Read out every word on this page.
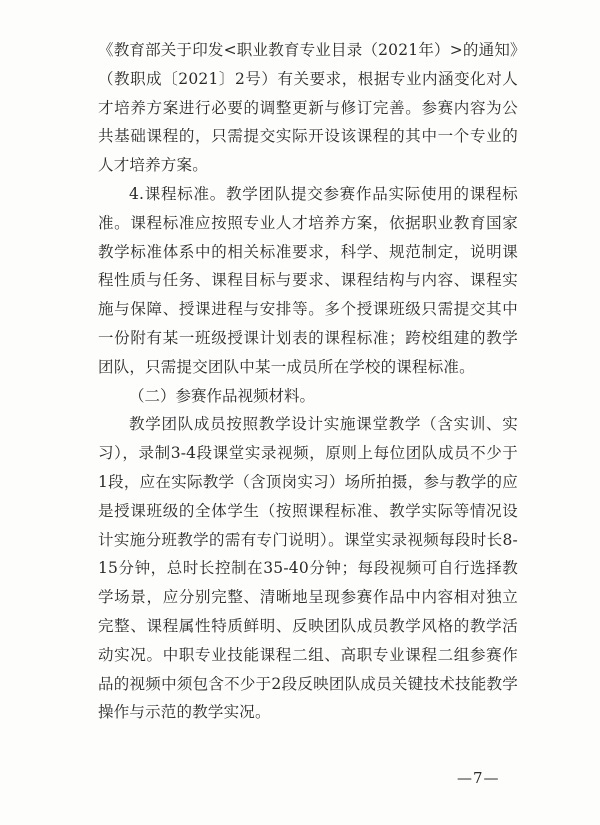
《教育部关于印发<职业教育专业目录（2021年）>的通知》（教职成〔2021〕2号）有关要求，根据专业内涵变化对人才培养方案进行必要的调整更新与修订完善。参赛内容为公共基础课程的，只需提交实际开设该课程的其中一个专业的人才培养方案。

4.课程标准。教学团队提交参赛作品实际使用的课程标准。课程标准应按照专业人才培养方案，依据职业教育国家教学标准体系中的相关标准要求，科学、规范制定，说明课程性质与任务、课程目标与要求、课程结构与内容、课程实施与保障、授课进程与安排等。多个授课班级只需提交其中一份附有某一班级授课计划表的课程标准；跨校组建的教学团队，只需提交团队中某一成员所在学校的课程标准。

（二）参赛作品视频材料。

教学团队成员按照教学设计实施课堂教学（含实训、实习），录制3-4段课堂实录视频，原则上每位团队成员不少于1段，应在实际教学（含顶岗实习）场所拍摄，参与教学的应是授课班级的全体学生（按照课程标准、教学实际等情况设计实施分班教学的需有专门说明）。课堂实录视频每段时长8-15分钟，总时长控制在35-40分钟；每段视频可自行选择教学场景，应分别完整、清晰地呈现参赛作品中内容相对独立完整、课程属性特质鲜明、反映团队成员教学风格的教学活动实况。中职专业技能课程二组、高职专业课程二组参赛作品的视频中须包含不少于2段反映团队成员关键技术技能教学操作与示范的教学实况。

—7—
